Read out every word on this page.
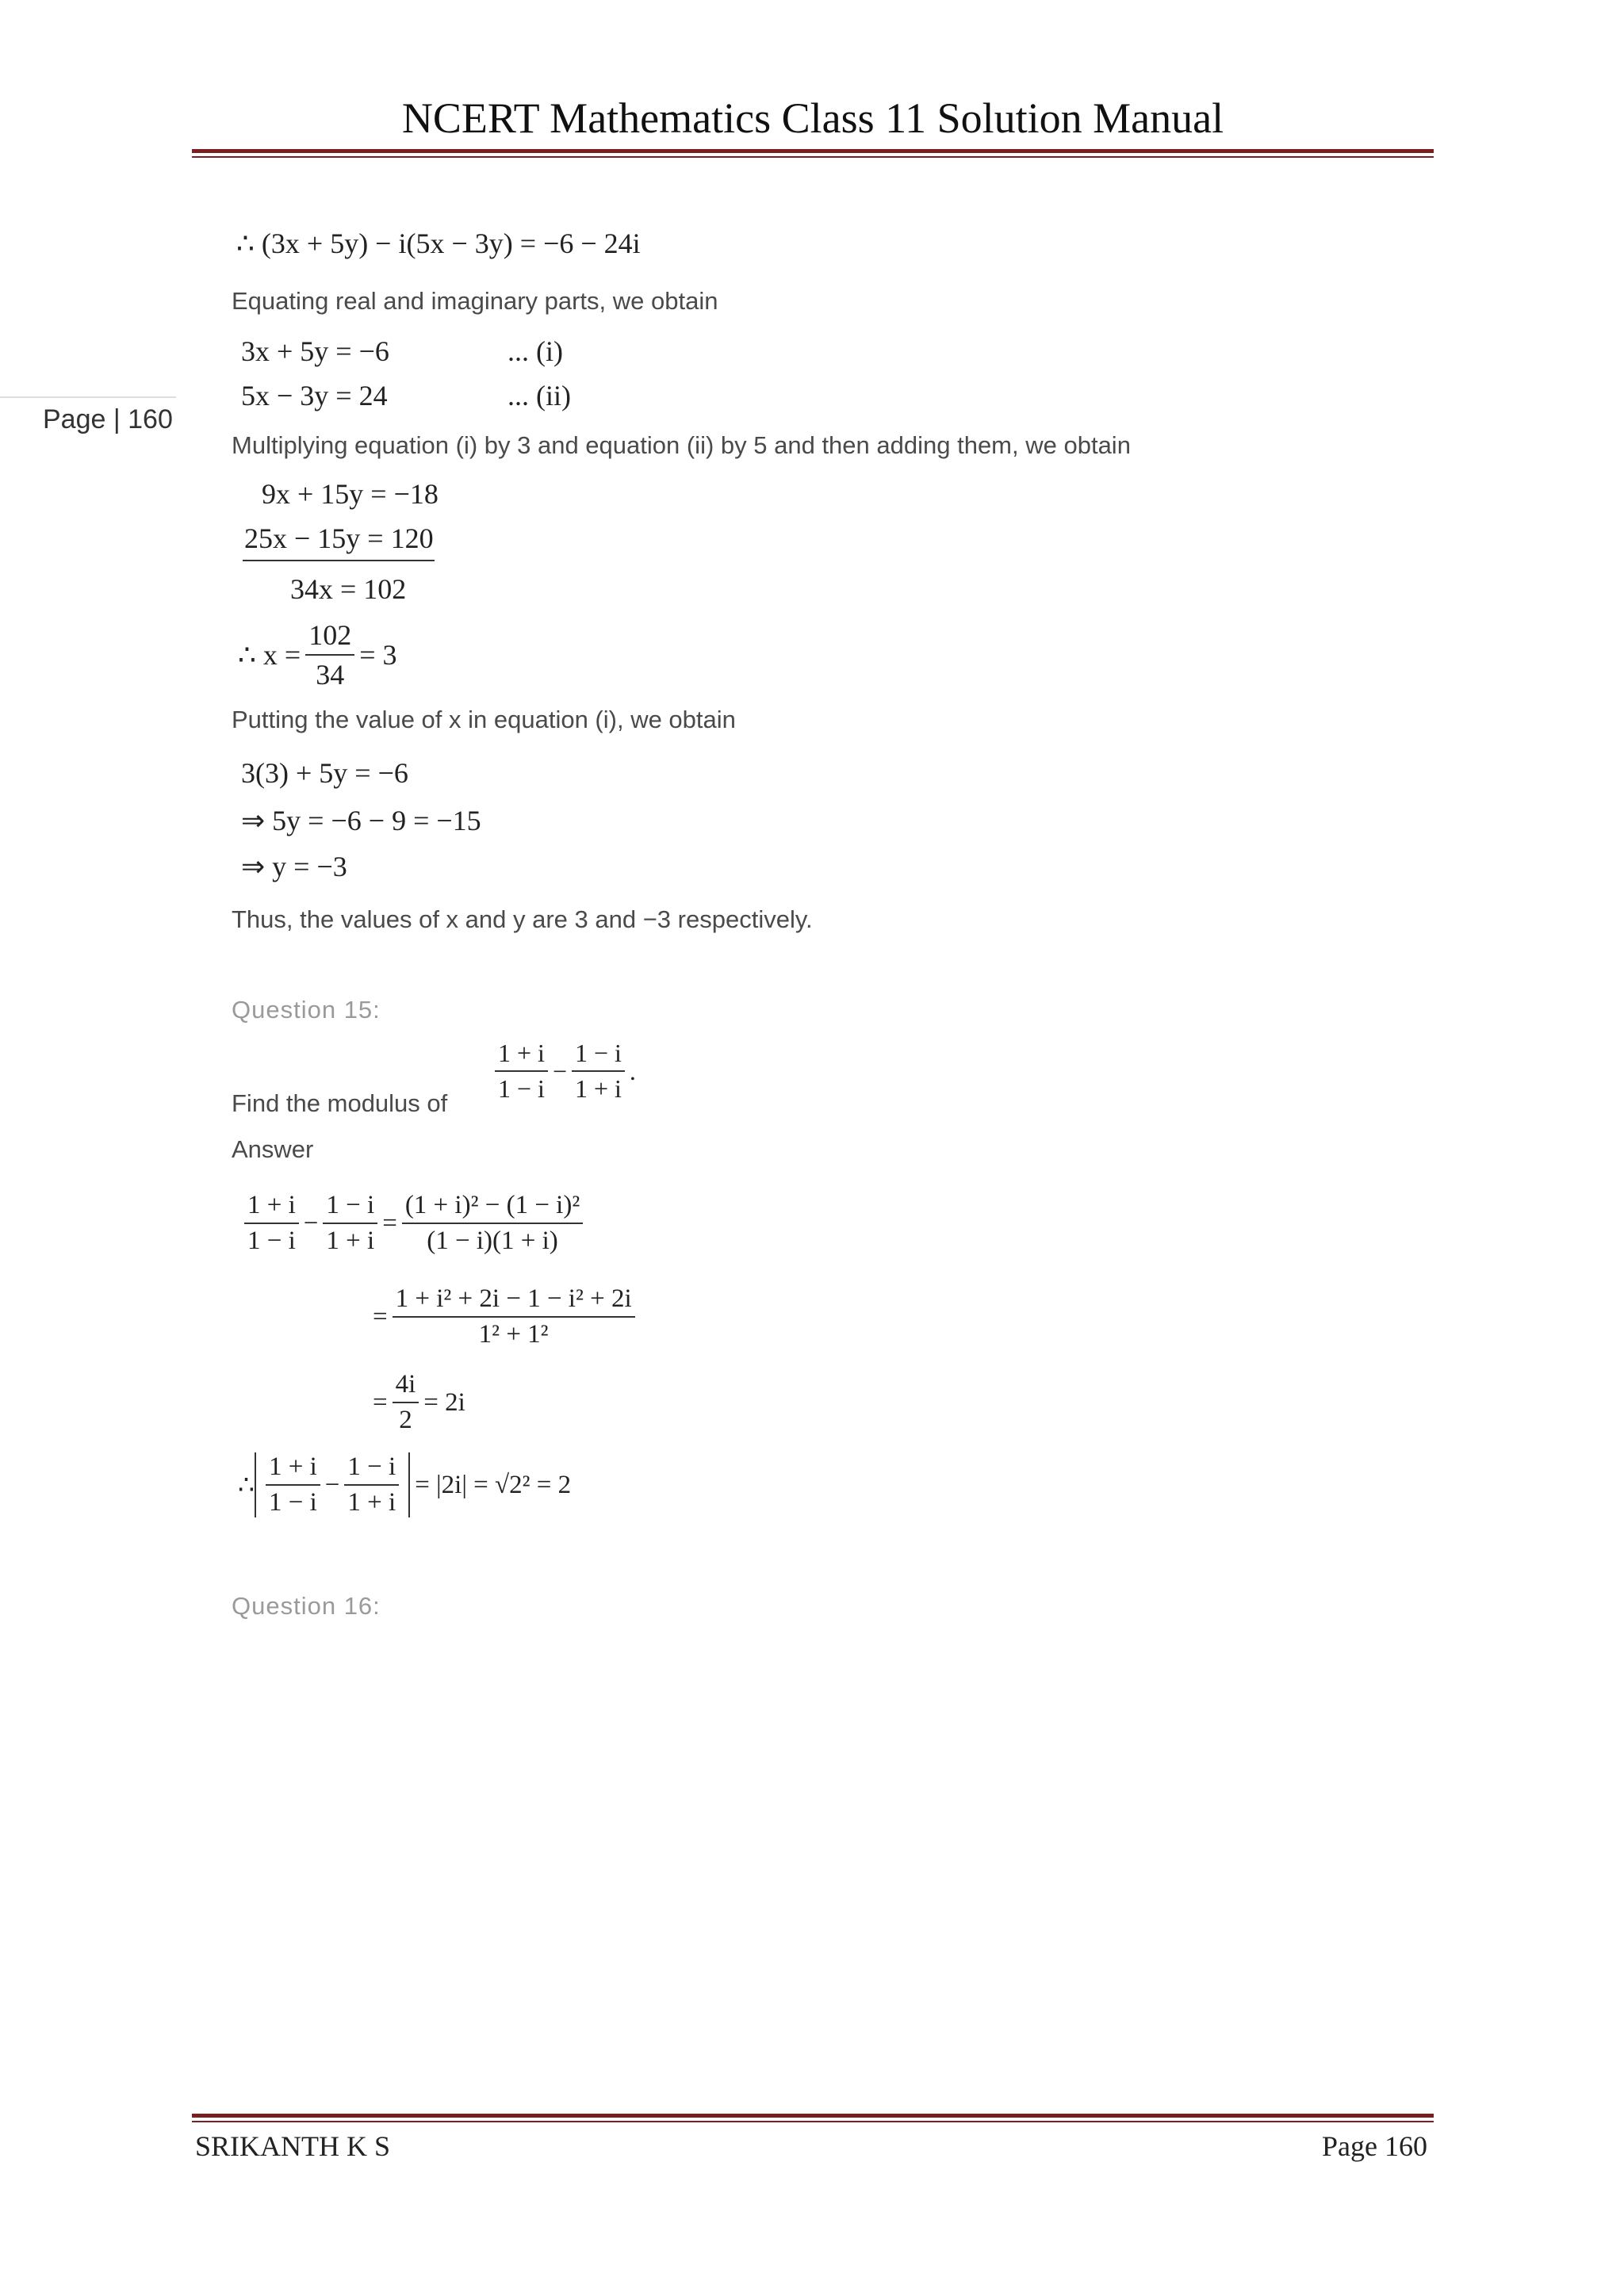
NCERT Mathematics Class 11 Solution Manual
Page | 160
∴ (3x + 5y) − i(5x − 3y) = −6 − 24i
Equating real and imaginary parts, we obtain
3x + 5y = −6	... (i)
5x − 3y = 24	... (ii)
Multiplying equation (i) by 3 and equation (ii) by 5 and then adding them, we obtain
9x + 15y = −18
25x − 15y = 120
34x = 102
∴ $x = \frac{102}{34} = 3$
Putting the value of x in equation (i), we obtain
3(3) + 5y = −6
⇒ 5y = −6 − 9 = −15
⇒ y = −3
Thus, the values of x and y are 3 and −3 respectively.
Question 15:
Find the modulus of $\frac{1 + i}{1 - i} - \frac{1 - i}{1 + i}$ .
Answer
$\frac{1 + i}{1 - i} - \frac{1 - i}{1 + i} = \frac{\text{(1 + i)² − (1 − i)²}}{(1 - i)(1 + i)}$
= $\frac{\text{1 + i² + 2i − 1 − i² + 2i}}{\text{1² + 1²}}$
= $\frac{4i}{2} = 2i$
∴ $\frac{1 + i}{1 - i} - \frac{1 - i}{1 + i} = |2i| = √2^2 = 2$
Question 16:
SRIKANTH K S	Page 160
